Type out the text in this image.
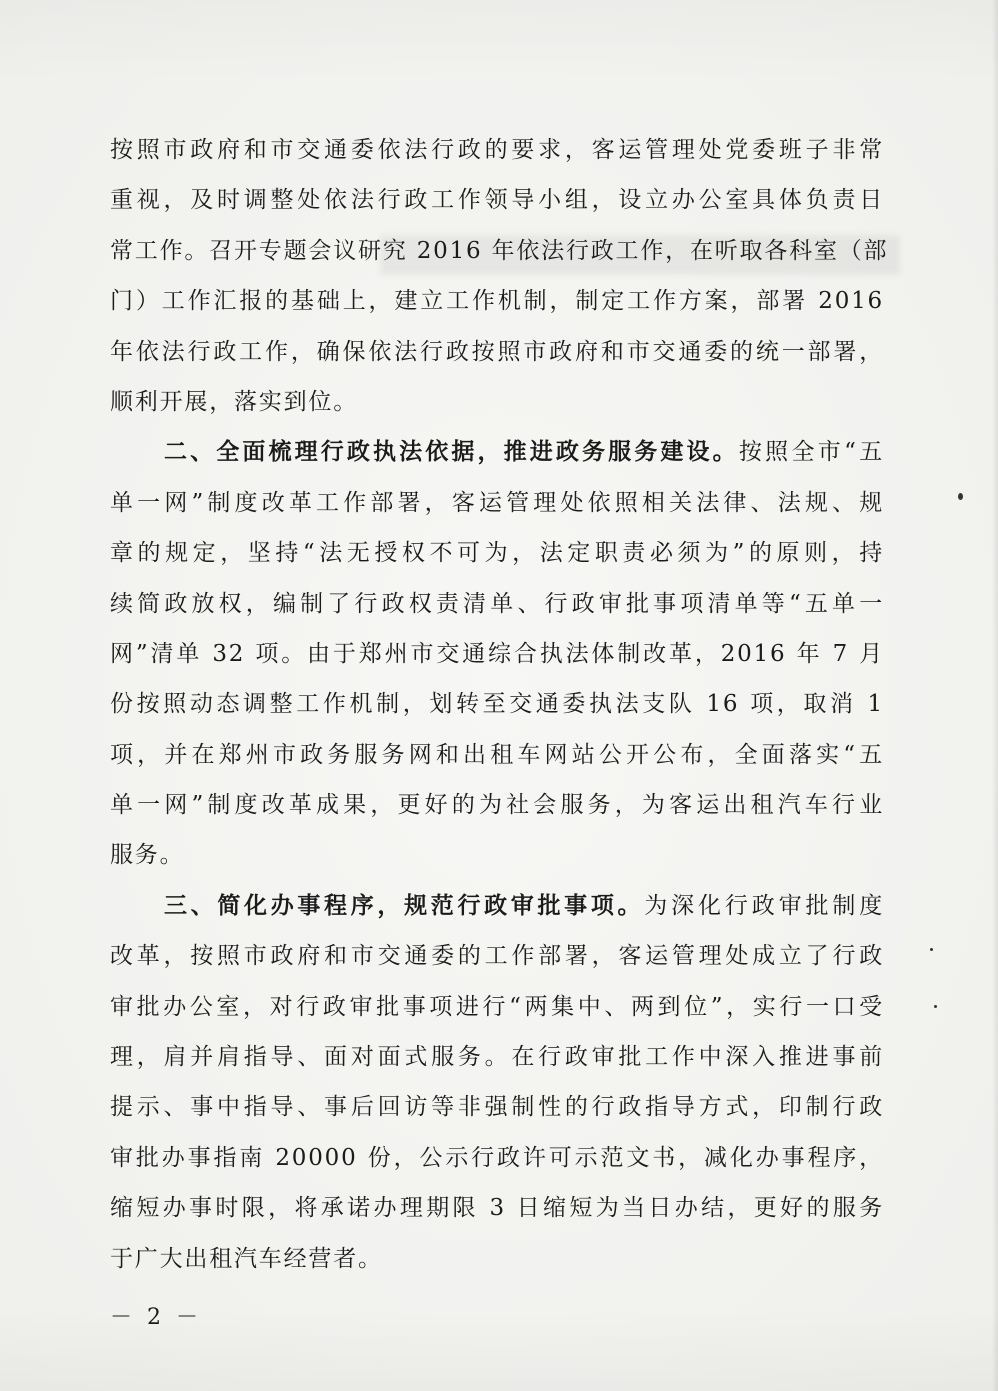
按照市政府和市交通委依法行政的要求，客运管理处党委班子非常
重视，及时调整处依法行政工作领导小组，设立办公室具体负责日
常工作。召开专题会议研究 2016 年依法行政工作，在听取各科室（部
门）工作汇报的基础上，建立工作机制，制定工作方案，部署 2016
年依法行政工作，确保依法行政按照市政府和市交通委的统一部署，
顺利开展，落实到位。
二、全面梳理行政执法依据，推进政务服务建设。按照全市“五
单一网”制度改革工作部署，客运管理处依照相关法律、法规、规
章的规定，坚持“法无授权不可为，法定职责必须为”的原则，持
续简政放权，编制了行政权责清单、行政审批事项清单等“五单一
网”清单 32 项。由于郑州市交通综合执法体制改革，2016 年 7 月
份按照动态调整工作机制，划转至交通委执法支队 16 项，取消 1
项，并在郑州市政务服务网和出租车网站公开公布，全面落实“五
单一网”制度改革成果，更好的为社会服务，为客运出租汽车行业
服务。
三、简化办事程序，规范行政审批事项。为深化行政审批制度
改革，按照市政府和市交通委的工作部署，客运管理处成立了行政
审批办公室，对行政审批事项进行“两集中、两到位”，实行一口受
理，肩并肩指导、面对面式服务。在行政审批工作中深入推进事前
提示、事中指导、事后回访等非强制性的行政指导方式，印制行政
审批办事指南 20000 份，公示行政许可示范文书，减化办事程序，
缩短办事时限，将承诺办理期限 3 日缩短为当日办结，更好的服务
于广大出租汽车经营者。
－ 2 －
